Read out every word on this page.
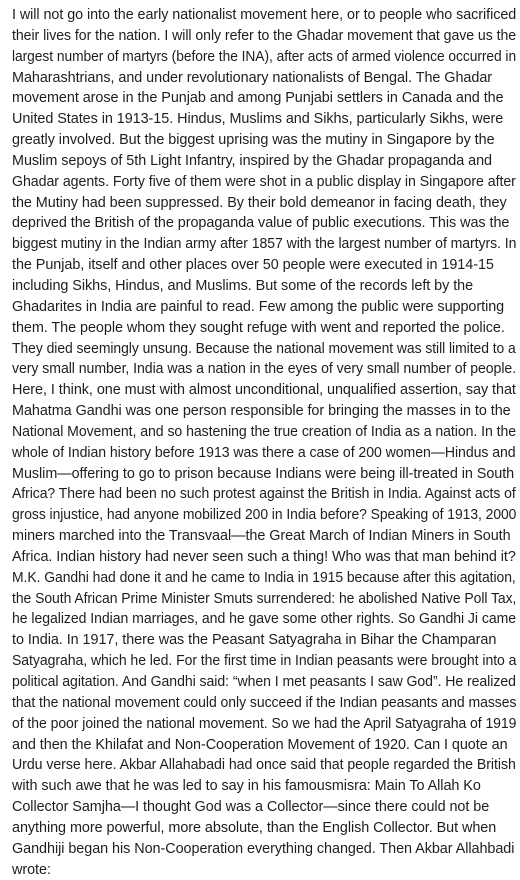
I will not go into the early nationalist movement here, or to people who sacrificed
their lives for the nation. I will only refer to the Ghadar movement that gave us the
largest number of martyrs (before the INA), after acts of armed violence occurred in
Maharashtrians, and under revolutionary nationalists of Bengal. The Ghadar
movement arose in the Punjab and among Punjabi settlers in Canada and the
United States in 1913-15. Hindus, Muslims and Sikhs, particularly Sikhs, were
greatly involved. But the biggest uprising was the mutiny in Singapore by the
Muslim sepoys of 5th Light Infantry, inspired by the Ghadar propaganda and
Ghadar agents. Forty five of them were shot in a public display in Singapore after
the Mutiny had been suppressed. By their bold demeanor in facing death, they
deprived the British of the propaganda value of public executions. This was the
biggest mutiny in the Indian army after 1857 with the largest number of martyrs. In
the Punjab, itself and other places over 50 people were executed in 1914-15
including Sikhs, Hindus, and Muslims. But some of the records left by the
Ghadarites in India are painful to read. Few among the public were supporting
them. The people whom they sought refuge with went and reported the police.
They died seemingly unsung. Because the national movement was still limited to a
very small number, India was a nation in the eyes of very small number of people.
Here, I think, one must with almost unconditional, unqualified assertion, say that
Mahatma Gandhi was one person responsible for bringing the masses in to the
National Movement, and so hastening the true creation of India as a nation. In the
whole of Indian history before 1913 was there a case of 200 women—Hindus and
Muslim—offering to go to prison because Indians were being ill-treated in South
Africa? There had been no such protest against the British in India. Against acts of
gross injustice, had anyone mobilized 200 in India before? Speaking of 1913, 2000
miners marched into the Transvaal—the Great March of Indian Miners in South
Africa. Indian history had never seen such a thing! Who was that man behind it?
M.K. Gandhi had done it and he came to India in 1915 because after this agitation,
the South African Prime Minister Smuts surrendered: he abolished Native Poll Tax,
he legalized Indian marriages, and he gave some other rights. So Gandhi Ji came
to India. In 1917, there was the Peasant Satyagraha in Bihar the Champaran
Satyagraha, which he led. For the first time in Indian peasants were brought into a
political agitation. And Gandhi said: “when I met peasants I saw God”. He realized
that the national movement could only succeed if the Indian peasants and masses
of the poor joined the national movement. So we had the April Satyagraha of 1919
and then the Khilafat and Non-Cooperation Movement of 1920. Can I quote an
Urdu verse here. Akbar Allahabadi had once said that people regarded the British
with such awe that he was led to say in his famousmisra: Main To Allah Ko
Collector Samjha—I thought God was a Collector—since there could not be
anything more powerful, more absolute, than the English Collector. But when
Gandhiji began his Non-Cooperation everything changed. Then Akbar Allahbadi
wrote:
